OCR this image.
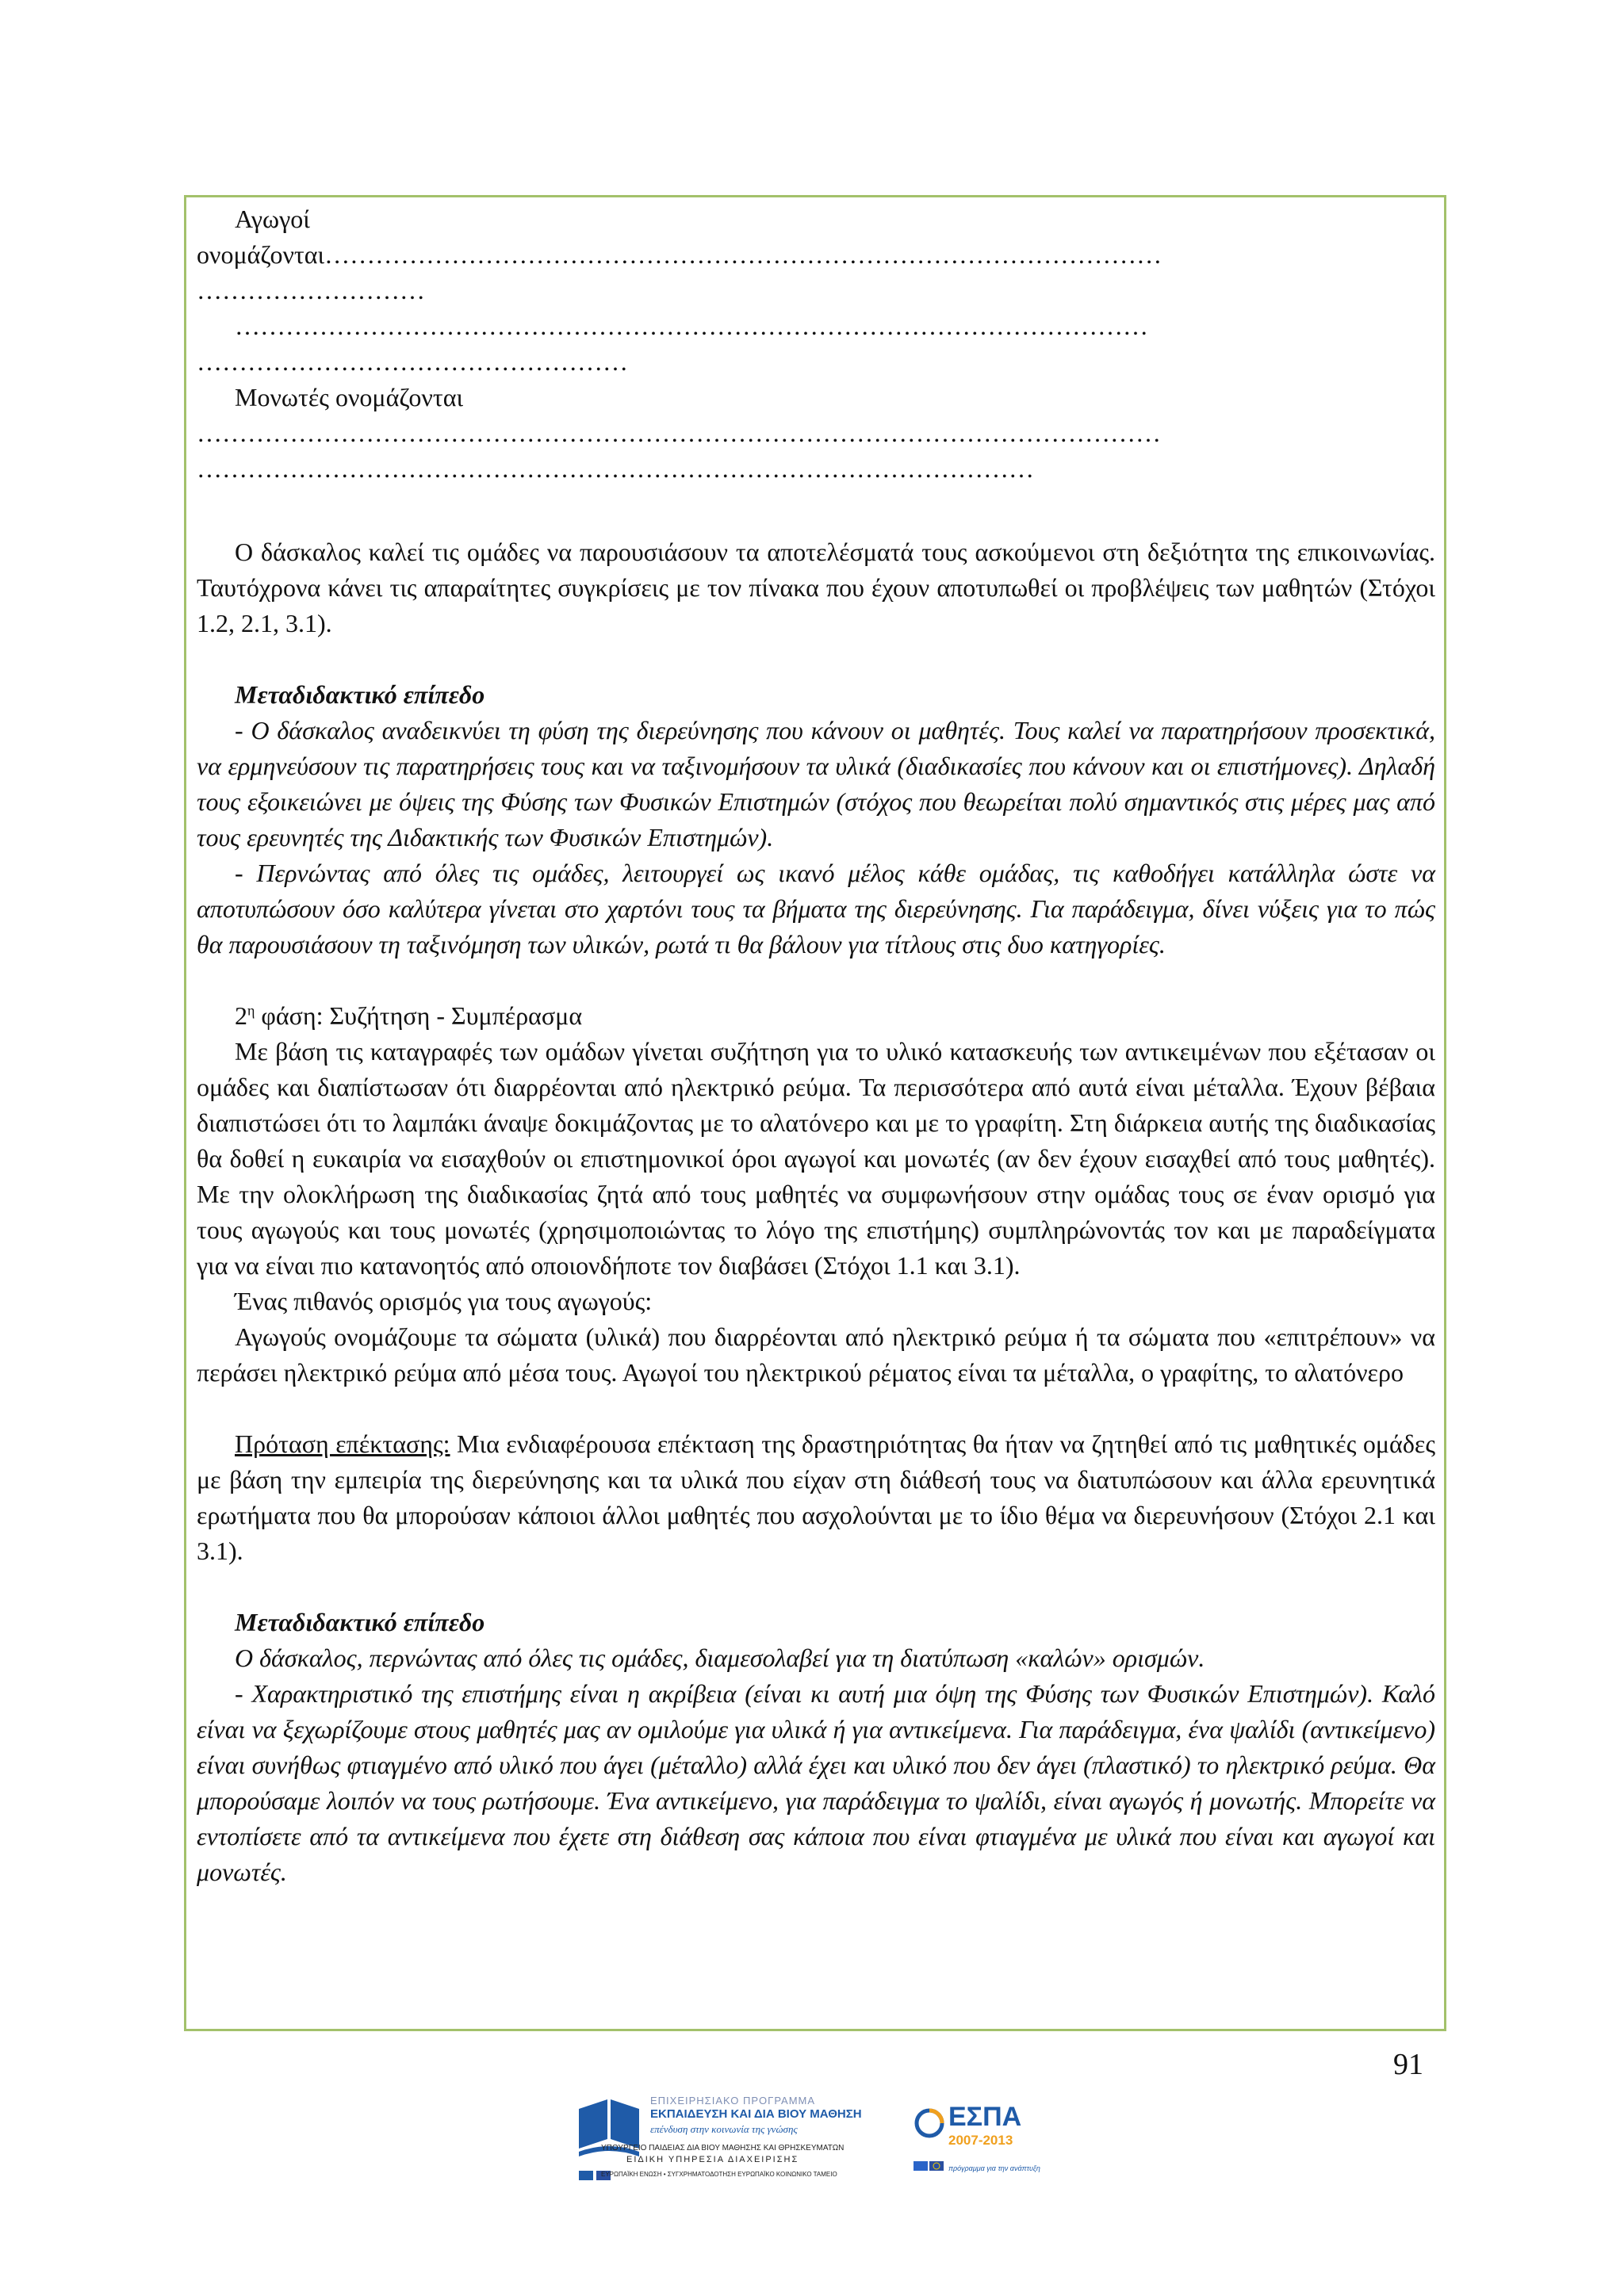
Αγωγοί

ονομάζονται………………………………………………………………………………………

………………………

………………………………………………………………………………………………

……………………………………………

Μονωτές ονομάζονται

……………………………………………………………………………………………………

………………………………………………………………………………………

Ο δάσκαλος καλεί τις ομάδες να παρουσιάσουν τα αποτελέσματά τους ασκούμενοι στη δεξιότητα της επικοινωνίας. Ταυτόχρονα κάνει τις απαραίτητες συγκρίσεις με τον πίνακα που έχουν αποτυπωθεί οι προβλέψεις των μαθητών (Στόχοι 1.2, 2.1, 3.1).

Μεταδιδακτικό επίπεδο

- Ο δάσκαλος αναδεικνύει τη φύση της διερεύνησης που κάνουν οι μαθητές. Τους καλεί να παρατηρήσουν προσεκτικά, να ερμηνεύσουν τις παρατηρήσεις τους και να ταξινομήσουν τα υλικά (διαδικασίες που κάνουν και οι επιστήμονες). Δηλαδή τους εξοικειώνει με όψεις της Φύσης των Φυσικών Επιστημών (στόχος που θεωρείται πολύ σημαντικός στις μέρες μας από τους ερευνητές της Διδακτικής των Φυσικών Επιστημών).

- Περνώντας από όλες τις ομάδες, λειτουργεί ως ικανό μέλος κάθε ομάδας, τις καθοδήγει κατάλληλα ώστε να αποτυπώσουν όσο καλύτερα γίνεται στο χαρτόνι τους τα βήματα της διερεύνησης. Για παράδειγμα, δίνει νύξεις για το πώς θα παρουσιάσουν τη ταξινόμηση των υλικών, ρωτά τι θα βάλουν για τίτλους στις δυο κατηγορίες.

$2^\eta$ φάση: Συζήτηση - Συμπέρασμα

Με βάση τις καταγραφές των ομάδων γίνεται συζήτηση για το υλικό κατασκευής των αντικειμένων που εξέτασαν οι ομάδες και διαπίστωσαν ότι διαρρέονται από ηλεκτρικό ρεύμα. Τα περισσότερα από αυτά είναι μέταλλα. Έχουν βέβαια διαπιστώσει ότι το λαμπάκι άναψε δοκιμάζοντας με το αλατόνερο και με το γραφίτη. Στη διάρκεια αυτής της διαδικασίας θα δοθεί η ευκαιρία να εισαχθούν οι επιστημονικοί όροι αγωγοί και μονωτές (αν δεν έχουν εισαχθεί από τους μαθητές). Με την ολοκλήρωση της διαδικασίας ζητά από τους μαθητές να συμφωνήσουν στην ομάδας τους σε έναν ορισμό για τους αγωγούς και τους μονωτές (χρησιμοποιώντας το λόγο της επιστήμης) συμπληρώνοντάς τον και με παραδείγματα για να είναι πιο κατανοητός από οποιονδήποτε τον διαβάσει (Στόχοι 1.1 και 3.1).

Ένας πιθανός ορισμός για τους αγωγούς:

Αγωγούς ονομάζουμε τα σώματα (υλικά) που διαρρέονται από ηλεκτρικό ρεύμα ή τα σώματα που «επιτρέπουν» να περάσει ηλεκτρικό ρεύμα από μέσα τους. Αγωγοί του ηλεκτρικού ρέματος είναι τα μέταλλα, ο γραφίτης, το αλατόνερο

Πρόταση επέκτασης: Μια ενδιαφέρουσα επέκταση της δραστηριότητας θα ήταν να ζητηθεί από τις μαθητικές ομάδες με βάση την εμπειρία της διερεύνησης και τα υλικά που είχαν στη διάθεσή τους να διατυπώσουν και άλλα ερευνητικά ερωτήματα που θα μπορούσαν κάποιοι άλλοι μαθητές που ασχολούνται με το ίδιο θέμα να διερευνήσουν (Στόχοι 2.1 και 3.1).

Μεταδιδακτικό επίπεδο

Ο δάσκαλος, περνώντας από όλες τις ομάδες, διαμεσολαβεί για τη διατύπωση «καλών» ορισμών.

- Χαρακτηριστικό της επιστήμης είναι η ακρίβεια (είναι κι αυτή μια όψη της Φύσης των Φυσικών Επιστημών). Καλό είναι να ξεχωρίζουμε στους μαθητές μας αν ομιλούμε για υλικά ή για αντικείμενα. Για παράδειγμα, ένα ψαλίδι (αντικείμενο) είναι συνήθως φτιαγμένο από υλικό που άγει (μέταλλο) αλλά έχει και υλικό που δεν άγει (πλαστικό) το ηλεκτρικό ρεύμα. Θα μπορούσαμε λοιπόν να τους ρωτήσουμε. Ένα αντικείμενο, για παράδειγμα το ψαλίδι, είναι αγωγός ή μονωτής. Μπορείτε να εντοπίσετε από τα αντικείμενα που έχετε στη διάθεση σας κάποια που είναι φτιαγμένα με υλικά που είναι και αγωγοί και μονωτές.

91
ΕΠΙΧΕΙΡΗΣΙΑΚΟ ΠΡΟΓΡΑΜΜΑ
ΕΚΠΑΙΔΕΥΣΗ ΚΑΙ ΔΙΑ ΒΙΟΥ ΜΑΘΗΣΗ
επένδυση στην κοινωνία της γνώσης
ΥΠΟΥΡΓΕΙΟ ΠΑΙΔΕΙΑΣ ΔΙΑ ΒΙΟΥ ΜΑΘΗΣΗΣ ΚΑΙ ΘΡΗΣΚΕΥΜΑΤΩΝ
ΕΙΔΙΚΗ ΥΠΗΡΕΣΙΑ ΔΙΑΧΕΙΡΙΣΗΣ
ΕΥΡΩΠΑΪΚΗ ΕΝΩΣΗ • ΣΥΓΧΡΗΜΑΤΟΔΟΤΗΣΗ ΕΥΡΩΠΑΪΚΟ ΚΟΙΝΩΝΙΚΟ ΤΑΜΕΙΟ
ΕΣΠΑ
2007-2013
πρόγραμμα για την ανάπτυξη
